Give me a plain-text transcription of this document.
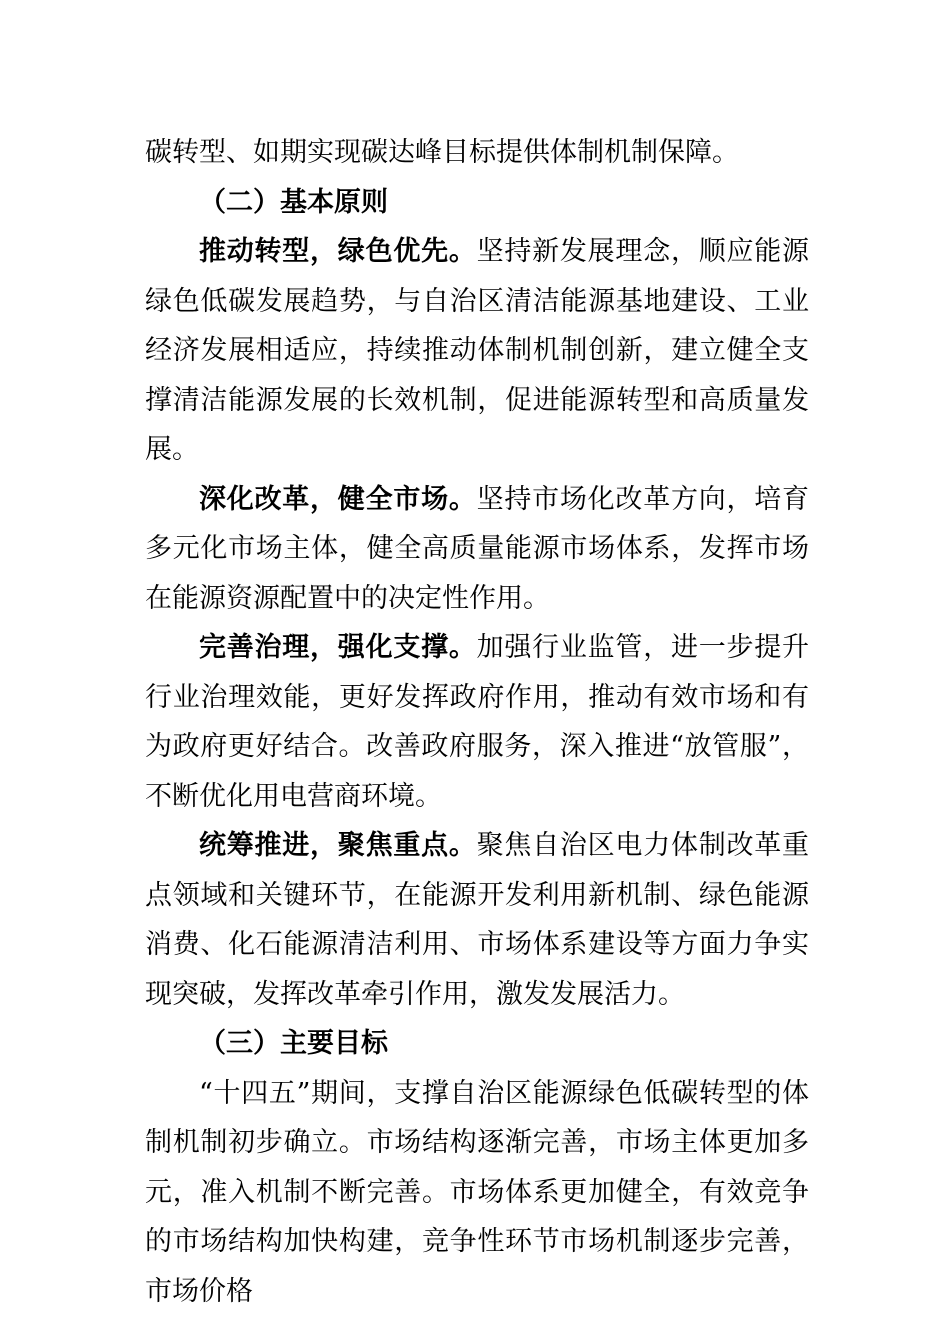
碳转型、如期实现碳达峰目标提供体制机制保障。

（二）基本原则

推动转型，绿色优先。坚持新发展理念，顺应能源绿色低碳发展趋势，与自治区清洁能源基地建设、工业经济发展相适应，持续推动体制机制创新，建立健全支撑清洁能源发展的长效机制，促进能源转型和高质量发展。

深化改革，健全市场。坚持市场化改革方向，培育多元化市场主体，健全高质量能源市场体系，发挥市场在能源资源配置中的决定性作用。

完善治理，强化支撑。加强行业监管，进一步提升行业治理效能，更好发挥政府作用，推动有效市场和有为政府更好结合。改善政府服务，深入推进“放管服”，不断优化用电营商环境。

统筹推进，聚焦重点。聚焦自治区电力体制改革重点领域和关键环节，在能源开发利用新机制、绿色能源消费、化石能源清洁利用、市场体系建设等方面力争实现突破，发挥改革牵引作用，激发发展活力。

（三）主要目标

“十四五”期间，支撑自治区能源绿色低碳转型的体制机制初步确立。市场结构逐渐完善，市场主体更加多元，准入机制不断完善。市场体系更加健全，有效竞争的市场结构加快构建，竞争性环节市场机制逐步完善，市场价格
